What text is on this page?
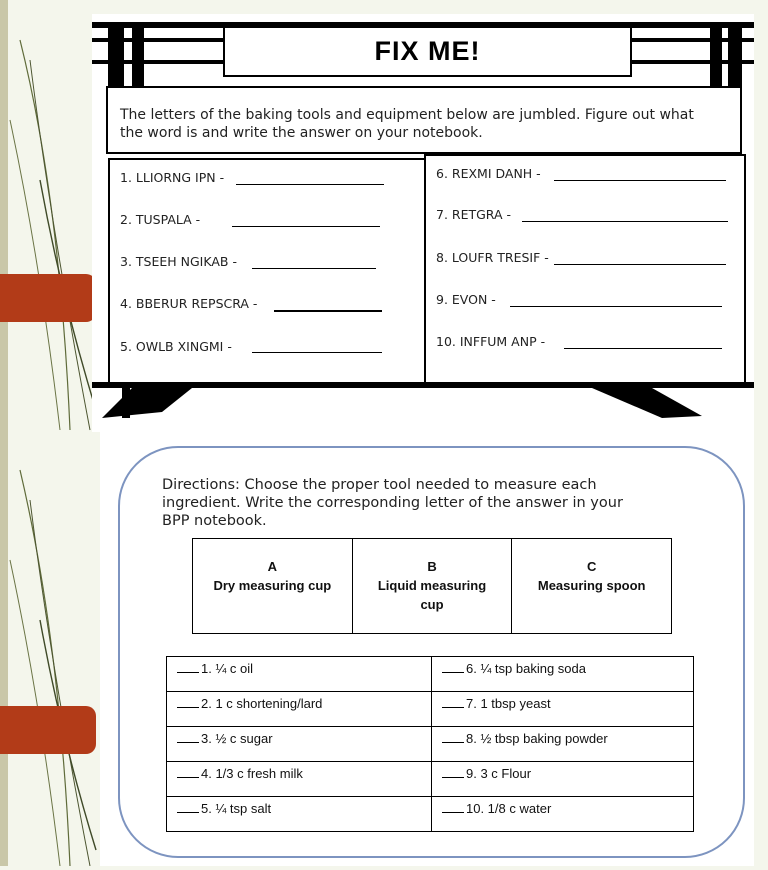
FIX ME!
The letters of the baking tools and equipment below are jumbled. Figure out what
the word is and write the answer on your notebook.
1. LLIORNG IPN -
2. TUSPALA -
3. TSEEH NGIKAB -
4. BBERUR REPSCRA -
5. OWLB XINGMI -
6. REXMI DANH -
7. RETGRA -
8. LOUFR TRESIF -
9. EVON -
10. INFFUM ANP -
Directions: Choose the proper tool needed to measure each
ingredient. Write the corresponding letter of the answer in your
BPP notebook.
A
Dry measuring cup

B
Liquid measuring
cup

C
Measuring spoon
1. ¼ c oil	6. ¼ tsp baking soda
2. 1 c shortening/lard	7. 1 tbsp yeast
3. ½ c sugar	8. ½ tbsp baking powder
4. 1/3 c fresh milk	9. 3 c Flour
5. ¼ tsp salt	10. 1/8 c water
